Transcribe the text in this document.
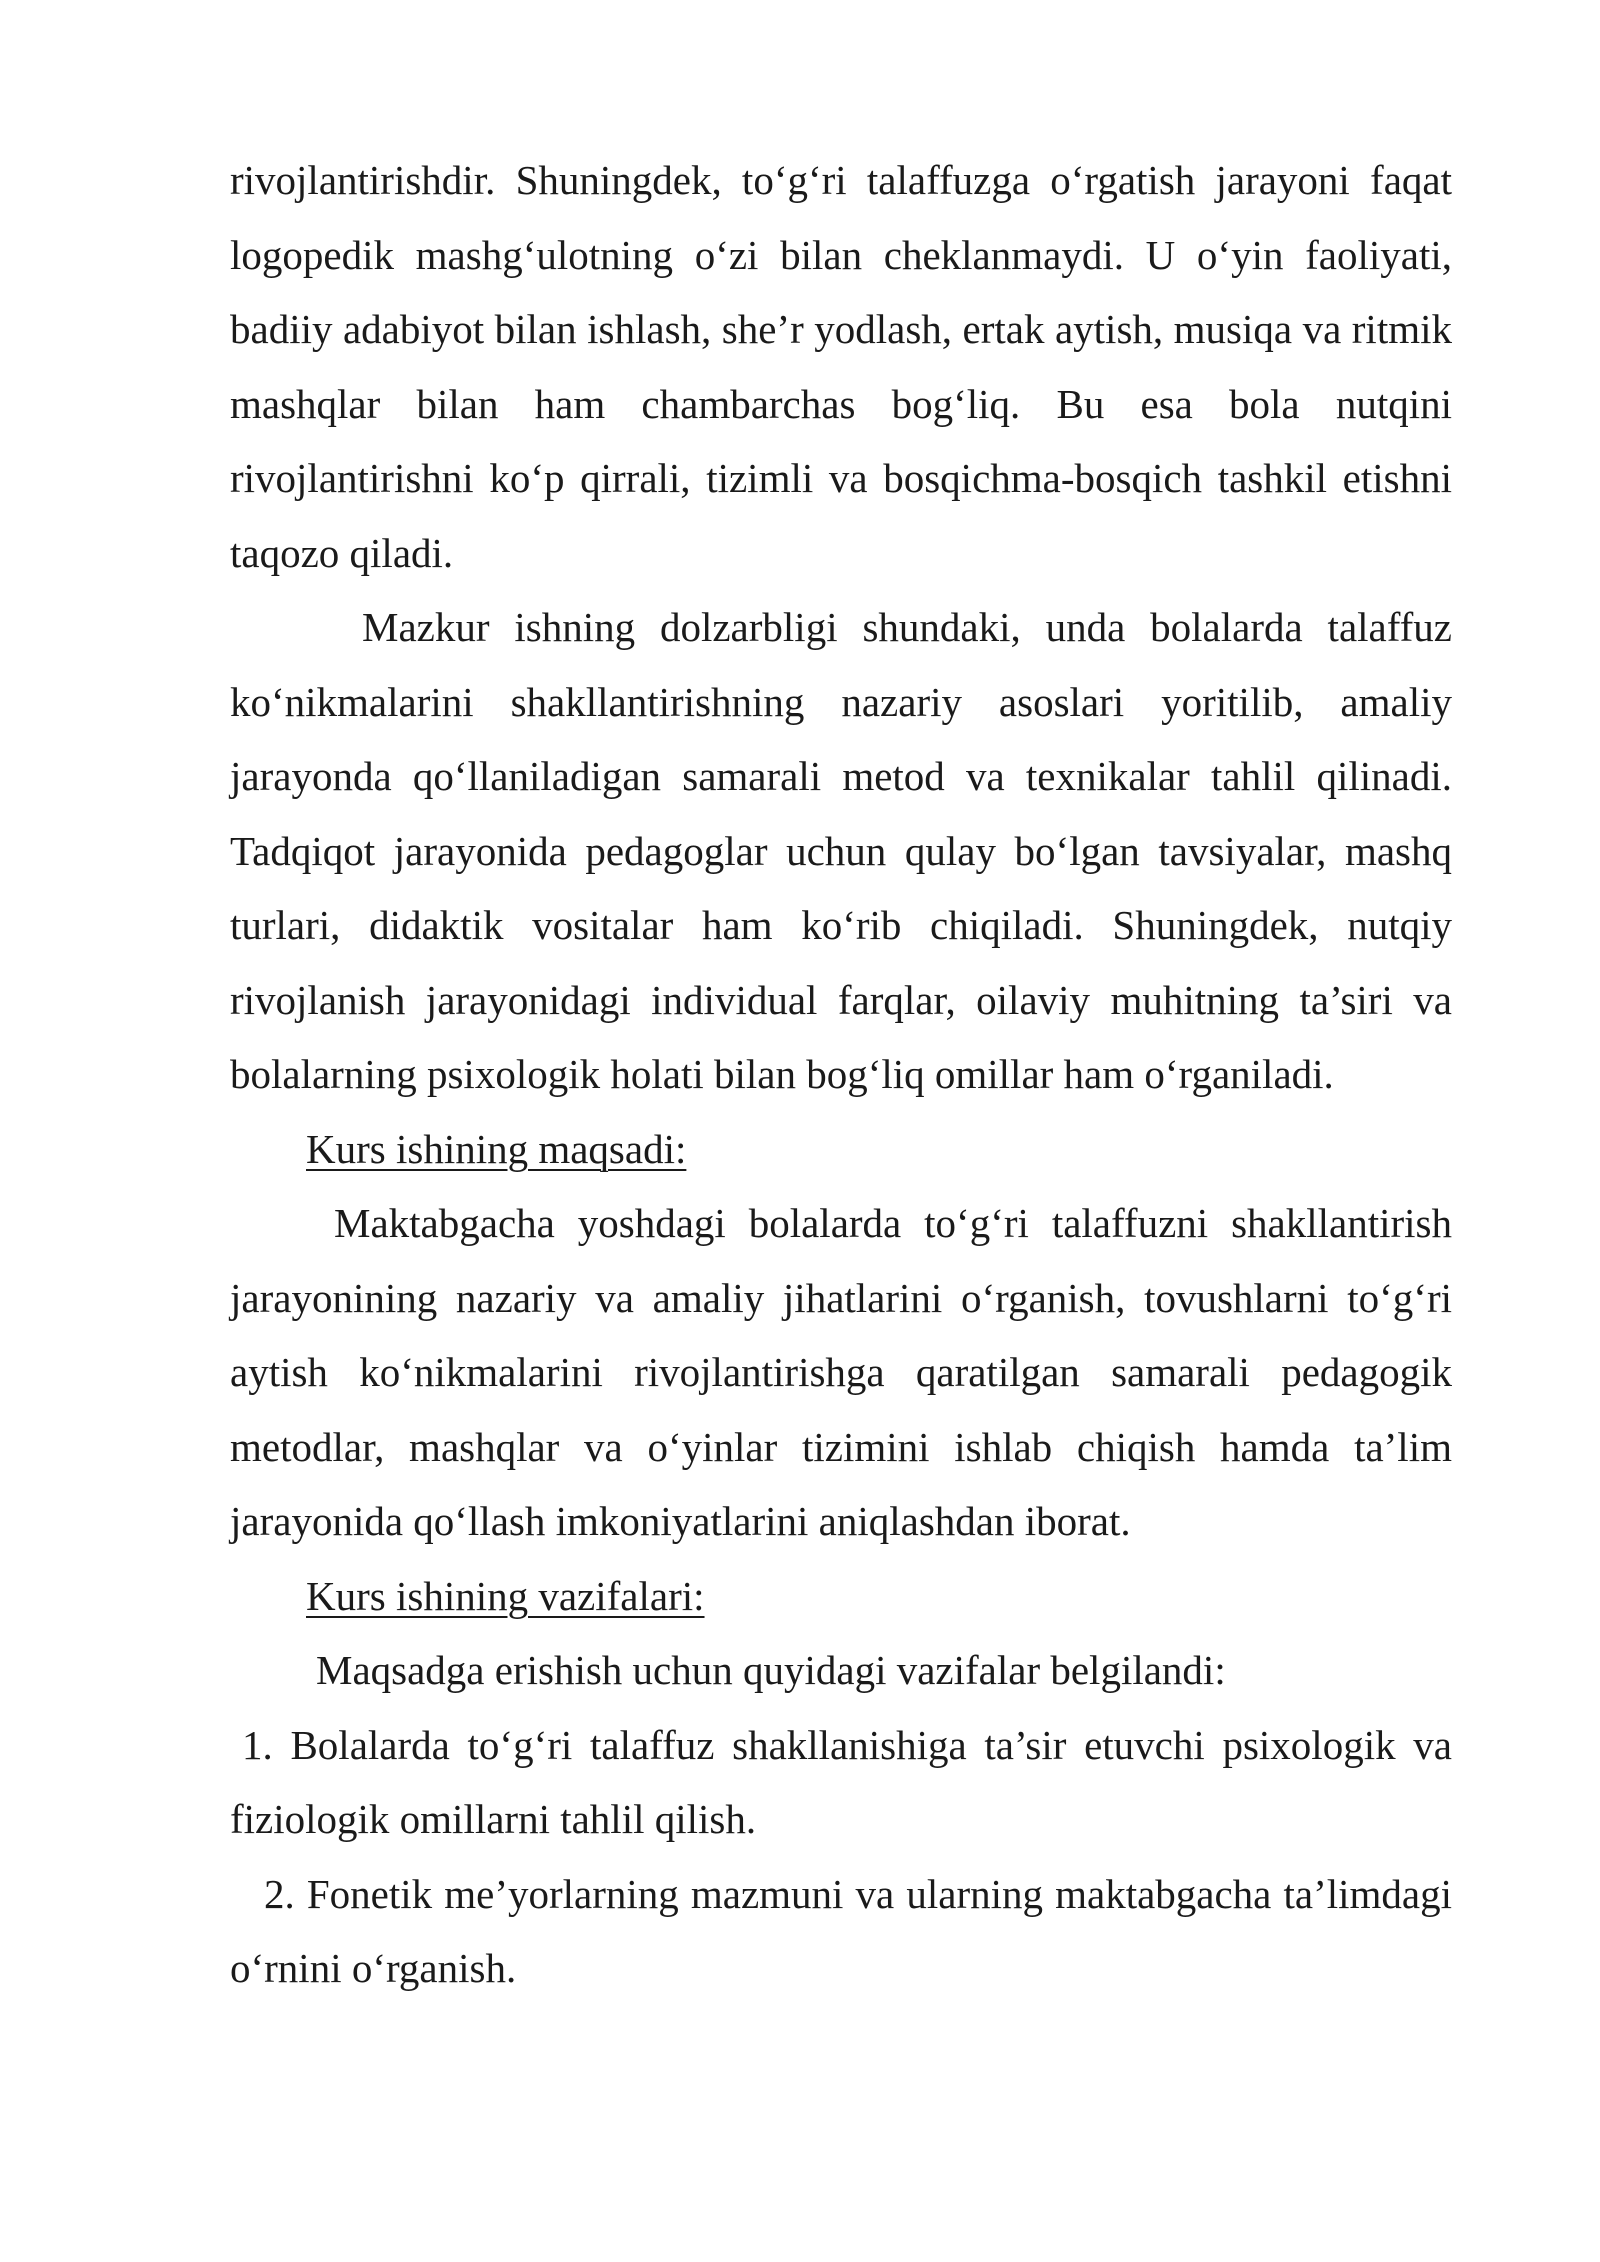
rivojlantirishdir. Shuningdek, to‘g‘ri talaffuzga o‘rgatish jarayoni faqat logopedik mashg‘ulotning o‘zi bilan cheklanmaydi. U o‘yin faoliyati, badiiy adabiyot bilan ishlash, she’r yodlash, ertak aytish, musiqa va ritmik mashqlar bilan ham chambarchas bog‘liq. Bu esa bola nutqini rivojlantirishni ko‘p qirrali, tizimli va bosqichma-bosqich tashkil etishni taqozo qiladi.

Mazkur ishning dolzarbligi shundaki, unda bolalarda talaffuz ko‘nikmalarini shakllantirishning nazariy asoslari yoritilib, amaliy jarayonda qo‘llaniladigan samarali metod va texnikalar tahlil qilinadi. Tadqiqot jarayonida pedagoglar uchun qulay bo‘lgan tavsiyalar, mashq turlari, didaktik vositalar ham ko‘rib chiqiladi. Shuningdek, nutqiy rivojlanish jarayonidagi individual farqlar, oilaviy muhitning ta’siri va bolalarning psixologik holati bilan bog‘liq omillar ham o‘rganiladi.

Kurs ishining maqsadi:

Maktabgacha yoshdagi bolalarda to‘g‘ri talaffuzni shakllantirish jarayonining nazariy va amaliy jihatlarini o‘rganish, tovushlarni to‘g‘ri aytish ko‘nikmalarini rivojlantirishga qaratilgan samarali pedagogik metodlar, mashqlar va o‘yinlar tizimini ishlab chiqish hamda ta’lim jarayonida qo‘llash imkoniyatlarini aniqlashdan iborat.

Kurs ishining vazifalari:

Maqsadga erishish uchun quyidagi vazifalar belgilandi:

1. Bolalarda to‘g‘ri talaffuz shakllanishiga ta’sir etuvchi psixologik va fiziologik omillarni tahlil qilish.

2. Fonetik me’yorlarning mazmuni va ularning maktabgacha ta’limdagi o‘rnini o‘rganish.
